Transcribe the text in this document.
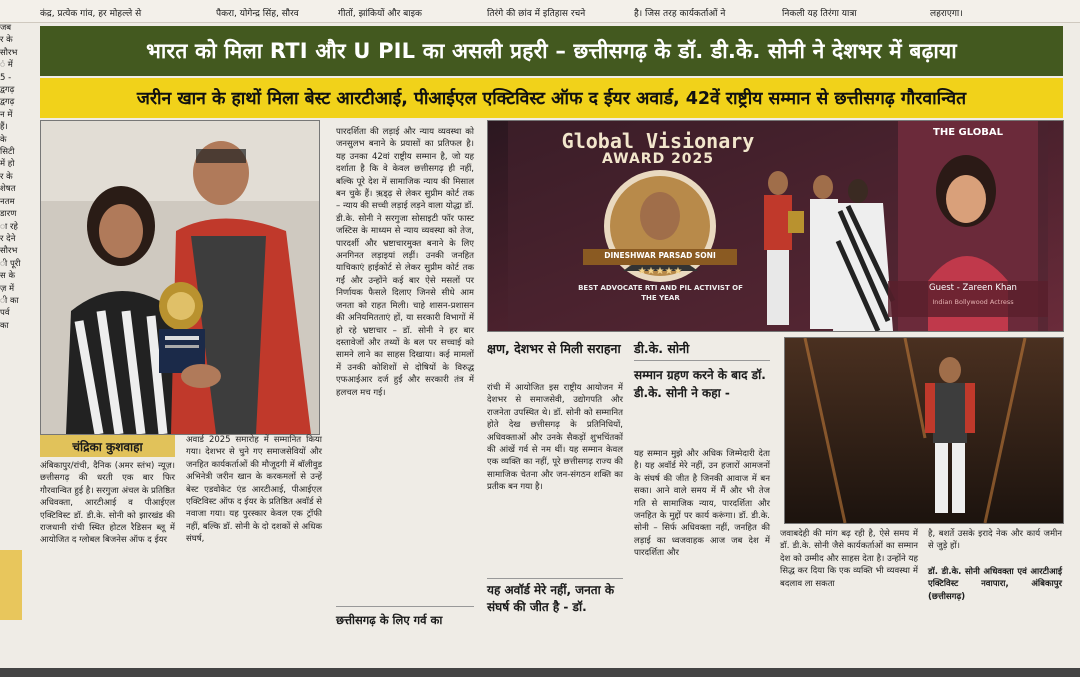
कंद्र, प्रत्येक गांव, हर मोहल्ले से	पैकरा, योगेन्द्र सिंह, सौरव	गीतों, झांकियों और बाइक	तिरंगे की छांव में इतिहास रचने	है। जिस तरह कार्यकर्ताओं ने	निकली यह तिरंगा यात्रा	लहराएगा।
जब
र के
सौरभ
ं में
5 -
द्वगढ़
द्वगढ़
न में
हैं।
के
सिटी
में हो
र के
शेषत
नतम
डारण
ा रहे
र देने
सौरभ
ी पूरी
स के
ज़ में
ी का
पर्व
का
भारत को मिला RTI और U PIL का असली प्रहरी – छत्तीसगढ़ के डॉ. डी.के. सोनी ने देशभर में बढ़ाया
जरीन खान के हाथों मिला बेस्ट आरटीआई, पीआईएल एक्टिविस्ट ऑफ द ईयर अवार्ड, 42वें राष्ट्रीय सम्मान से छत्तीसगढ़ गौरवान्वित
चंद्रिका कुशवाहा
अंबिकापुर/रांची, दैनिक (अमर स्तंभ) न्यूज़। छत्तीसगढ़ की धरती एक बार फिर गौरवान्वित हुई है। सरगुजा अंचल के प्रतिष्ठित अधिवक्ता, आरटीआई व पीआईएल एक्टिविस्ट डॉ. डी.के. सोनी को झारखंड की राजधानी रांची स्थित होटल रैडिसन ब्लू में आयोजित द ग्लोबल बिजनेस ऑफ द ईयर
अवार्ड 2025 समारोह में सम्मानित किया गया। देशभर से चुने गए समाजसेवियों और जनहित कार्यकर्ताओं की मौजूदगी में बॉलीवुड अभिनेत्री जरीन खान के करकमलों से उन्हें बेस्ट एडवोकेट एंड आरटीआई, पीआईएल एक्टिविस्ट ऑफ द ईयर के प्रतिष्ठित अवॉर्ड से नवाजा गया। यह पुरस्कार केवल एक ट्रॉफी नहीं, बल्कि डॉ. सोनी के दो दशकों से अधिक संघर्ष,
पारदर्शिता की लड़ाई और न्याय व्यवस्था को जनसुलभ बनाने के प्रयासों का प्रतिफल है। यह उनका 42वां राष्ट्रीय सम्मान है, जो यह दर्शाता है कि वे केवल छत्तीसगढ़ ही नहीं, बल्कि पूरे देश में सामाजिक न्याय की मिसाल बन चुके हैं। ऋ़ड्ढ़ से लेकर सुप्रीम कोर्ट तक – न्याय की सच्ची लड़ाई लड़ने वाला योद्धा डॉ. डी.के. सोनी ने सरगुजा सोसाइटी फॉर फास्ट जस्टिस के माध्यम से न्याय व्यवस्था को तेज, पारदर्शी और भ्रष्टाचारमुक्त बनाने के लिए अनगिनत लड़ाइयां लड़ीं। उनकी जनहित याचिकाएं हाईकोर्ट से लेकर सुप्रीम कोर्ट तक गईं और उन्होंने कई बार ऐसे मसलों पर निर्णायक फैसले दिलाए जिनसे सीधे आम जनता को राहत मिली। चाहे शासन-प्रशासन की अनियमितताएं हों, या सरकारी विभागों में हो रहे भ्रष्टाचार – डॉ. सोनी ने हर बार दस्तावेजों और तथ्यों के बल पर सच्चाई को सामने लाने का साहस दिखाया। कई मामलों में उनकी कोशिशों से दोषियों के विरुद्ध एफआईआर दर्ज हुईं और सरकारी तंत्र में हलचल मच गई।
छत्तीसगढ़ के लिए गर्व का
Global Visionary
AWARD 2025
DINESHWAR PARSAD SONI
★★★★★
BEST ADVOCATE RTI AND PIL ACTIVIST OF THE YEAR
THE GLOBAL
Guest - Zareen Khan
Indian Bollywood Actress
क्षण, देशभर से मिली सराहना
रांची में आयोजित इस राष्ट्रीय आयोजन में देशभर से समाजसेवी, उद्योगपति और राजनेता उपस्थित थे। डॉ. सोनी को सम्मानित होते देख छत्तीसगढ़ के प्रतिनिधियों, अधिवक्ताओं और उनके सैकड़ों शुभचिंतकों की आंखें गर्व से नम थीं। यह सम्मान केवल एक व्यक्ति का नहीं, पूरे छत्तीसगढ़ राज्य की सामाजिक चेतना और जन-संगठन शक्ति का प्रतीक बन गया है।
यह अवॉर्ड मेरे नहीं, जनता के संघर्ष की जीत है - डॉ.
डी.के. सोनी
सम्मान ग्रहण करने के बाद डॉ. डी.के. सोनी ने कहा -
यह सम्मान मुझे और अधिक जिम्मेदारी देता है। यह अवॉर्ड मेरे नहीं, उन हजारों आमजनों के संघर्ष की जीत है जिनकी आवाज में बन सका। आने वाले समय में मैं और भी तेज गति से सामाजिक न्याय, पारदर्शिता और जनहित के मुद्दों पर कार्य करूंगा। डॉ. डी.के. सोनी – सिर्फ अधिवक्ता नहीं, जनहित की लड़ाई का ध्वजवाहक आज जब देश में पारदर्शिता और
जवाबदेही की मांग बढ़ रही है, ऐसे समय में डॉ. डी.के. सोनी जैसे कार्यकर्ताओं का सम्मान देश को उम्मीद और साहस देता है। उन्होंने यह सिद्ध कर दिया कि एक व्यक्ति भी व्यवस्था में बदलाव ला सकता
है, बशर्ते उसके इरादे नेक और कार्य जमीन से जुड़े हों।
डॉ. डी.के. सोनी अधिवक्ता एवं आरटीआई एक्टिविस्ट नवापारा, अंबिकापुर (छत्तीसगढ़)
